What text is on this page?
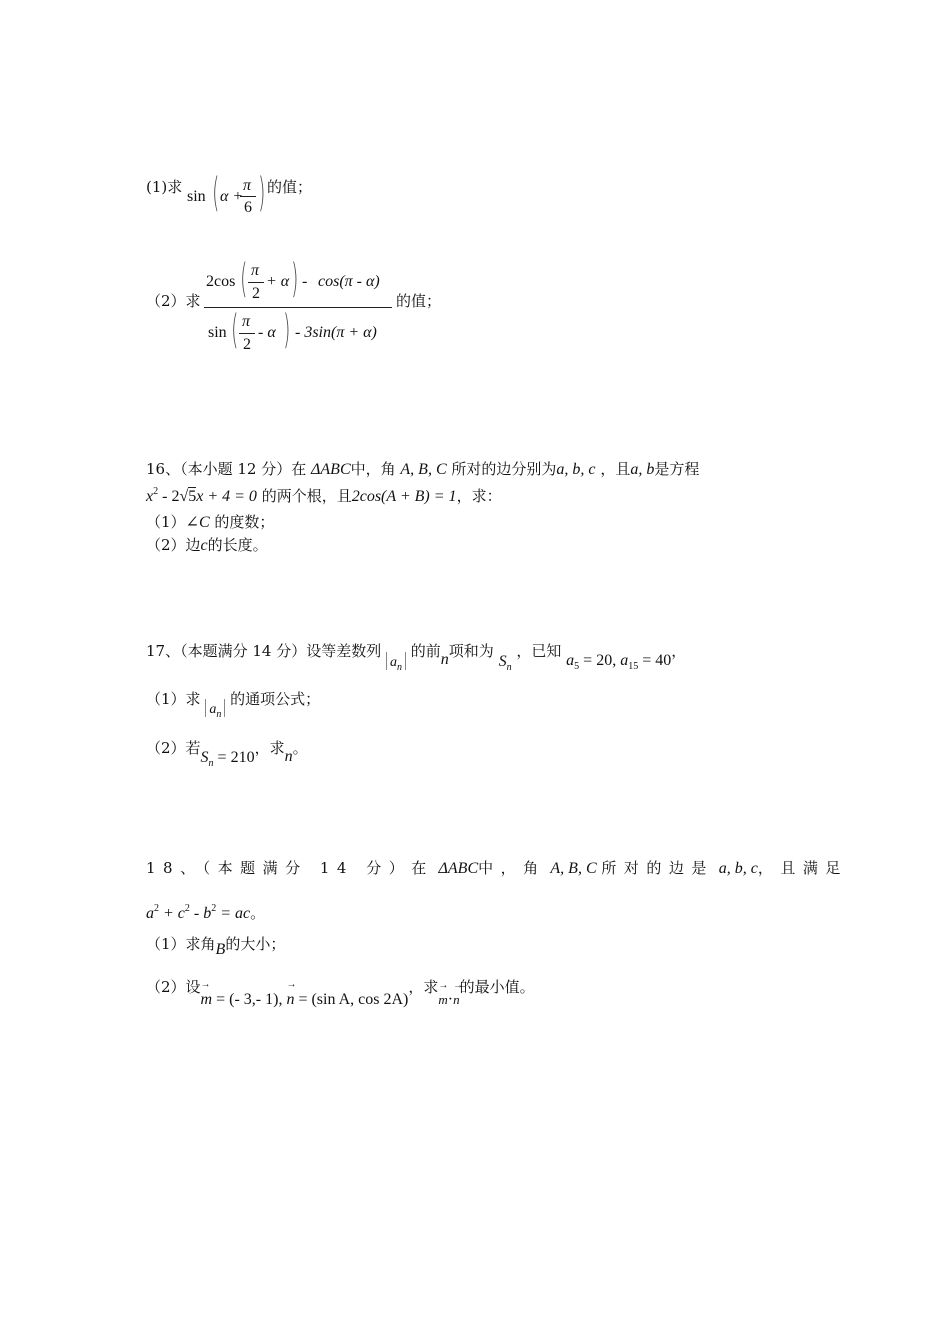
(1)求
sin ( α +
π
6 ) 的值；
（2）求
2cos ( π
2
+ α ) - cos(π - α)
sin ( π
2
- α ) - 3sin(π + α)
的值；
16、（本小题 12 分）在 ΔABC中，角 A, B, C 所对的边分别为a, b, c ，且a, b是方程
$x^2 - 2√5x + 4 = 0$ 的两个根，且2cos(A + B) = 1，求：
（1）∠C 的度数；
（2）边c的长度。
17、（本题满分 14 分）设等差数列 $a_n$ 的前n项和为 $S_n$ ，已知 $a_5 = 20$, $a_{15} = 40$，
（1）求 $a_n$ 的通项公式；
（2）若$S_n = 210$，求n。
18、（本题满分 14 分）在 ΔABC中，角 A, B, C 所对的边是 a, b, c，且满足
$a^2 + c^2 - b^2$ = ac。
（1）求角B的大小；
（2）设→ m = (- 3,- 1), → n = (sin A, cos 2A)，求→ m·→ n的最小值。
